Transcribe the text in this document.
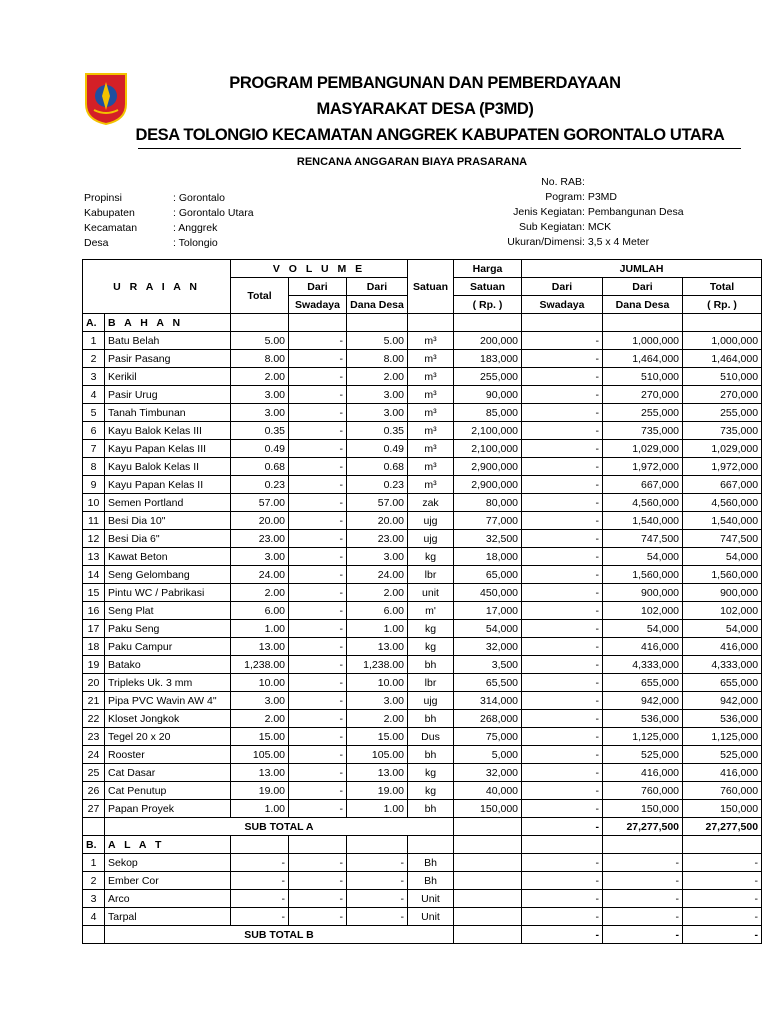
PROGRAM PEMBANGUNAN DAN PEMBERDAYAAN
MASYARAKAT DESA (P3MD)
DESA TOLONGIO KECAMATAN ANGGREK KABUPATEN GORONTALO UTARA
RENCANA ANGGARAN BIAYA PRASARANA
Propinsi	: Gorontalo
Kabupaten	: Gorontalo Utara
Kecamatan	: Anggrek
Desa	: Tolongio
No. RAB :
Pogram : P3MD
Jenis Kegiatan : Pembangunan Desa
Sub Kegiatan : MCK
Ukuran/Dimensi : 3,5 x 4 Meter
U R A I A N		V O L U M E			Satuan	Harga	JUMLAH		
		Total	Dari	Dari		Satuan	Dari	Dari	Total
			Swadaya	Dana Desa		( Rp. )	Swadaya	Dana Desa	( Rp. )
A.	B A H A N								
1	Batu Belah	5.00	-	5.00	m³	200,000	-	1,000,000	1,000,000
2	Pasir Pasang	8.00	-	8.00	m³	183,000	-	1,464,000	1,464,000
3	Kerikil	2.00	-	2.00	m³	255,000	-	510,000	510,000
4	Pasir Urug	3.00	-	3.00	m³	90,000	-	270,000	270,000
5	Tanah Timbunan	3.00	-	3.00	m³	85,000	-	255,000	255,000
6	Kayu Balok Kelas III	0.35	-	0.35	m³	2,100,000	-	735,000	735,000
7	Kayu Papan Kelas III	0.49	-	0.49	m³	2,100,000	-	1,029,000	1,029,000
8	Kayu Balok Kelas II	0.68	-	0.68	m³	2,900,000	-	1,972,000	1,972,000
9	Kayu Papan Kelas II	0.23	-	0.23	m³	2,900,000	-	667,000	667,000
10	Semen Portland	57.00	-	57.00	zak	80,000	-	4,560,000	4,560,000
11	Besi Dia 10"	20.00	-	20.00	ujg	77,000	-	1,540,000	1,540,000
12	Besi Dia 6"	23.00	-	23.00	ujg	32,500	-	747,500	747,500
13	Kawat Beton	3.00	-	3.00	kg	18,000	-	54,000	54,000
14	Seng Gelombang	24.00	-	24.00	lbr	65,000	-	1,560,000	1,560,000
15	Pintu WC / Pabrikasi	2.00	-	2.00	unit	450,000	-	900,000	900,000
16	Seng Plat	6.00	-	6.00	m'	17,000	-	102,000	102,000
17	Paku Seng	1.00	-	1.00	kg	54,000	-	54,000	54,000
18	Paku Campur	13.00	-	13.00	kg	32,000	-	416,000	416,000
19	Batako	1,238.00	-	1,238.00	bh	3,500	-	4,333,000	4,333,000
20	Tripleks Uk. 3 mm	10.00	-	10.00	lbr	65,500	-	655,000	655,000
21	Pipa PVC Wavin AW 4"	3.00	-	3.00	ujg	314,000	-	942,000	942,000
22	Kloset Jongkok	2.00	-	2.00	bh	268,000	-	536,000	536,000
23	Tegel 20 x 20	15.00	-	15.00	Dus	75,000	-	1,125,000	1,125,000
24	Rooster	105.00	-	105.00	bh	5,000	-	525,000	525,000
25	Cat Dasar	13.00	-	13.00	kg	32,000	-	416,000	416,000
26	Cat Penutup	19.00	-	19.00	kg	40,000	-	760,000	760,000
27	Papan Proyek	1.00	-	1.00	bh	150,000	-	150,000	150,000
	SUB TOTAL A						-	27,277,500	27,277,500
B.	A L A T								
1	Sekop	-	-	-	Bh		-	-	-
2	Ember Cor	-	-	-	Bh		-	-	-
3	Arco	-	-	-	Unit		-	-	-
4	Tarpal	-	-	-	Unit		-	-	-
	SUB TOTAL B						-	-	-
